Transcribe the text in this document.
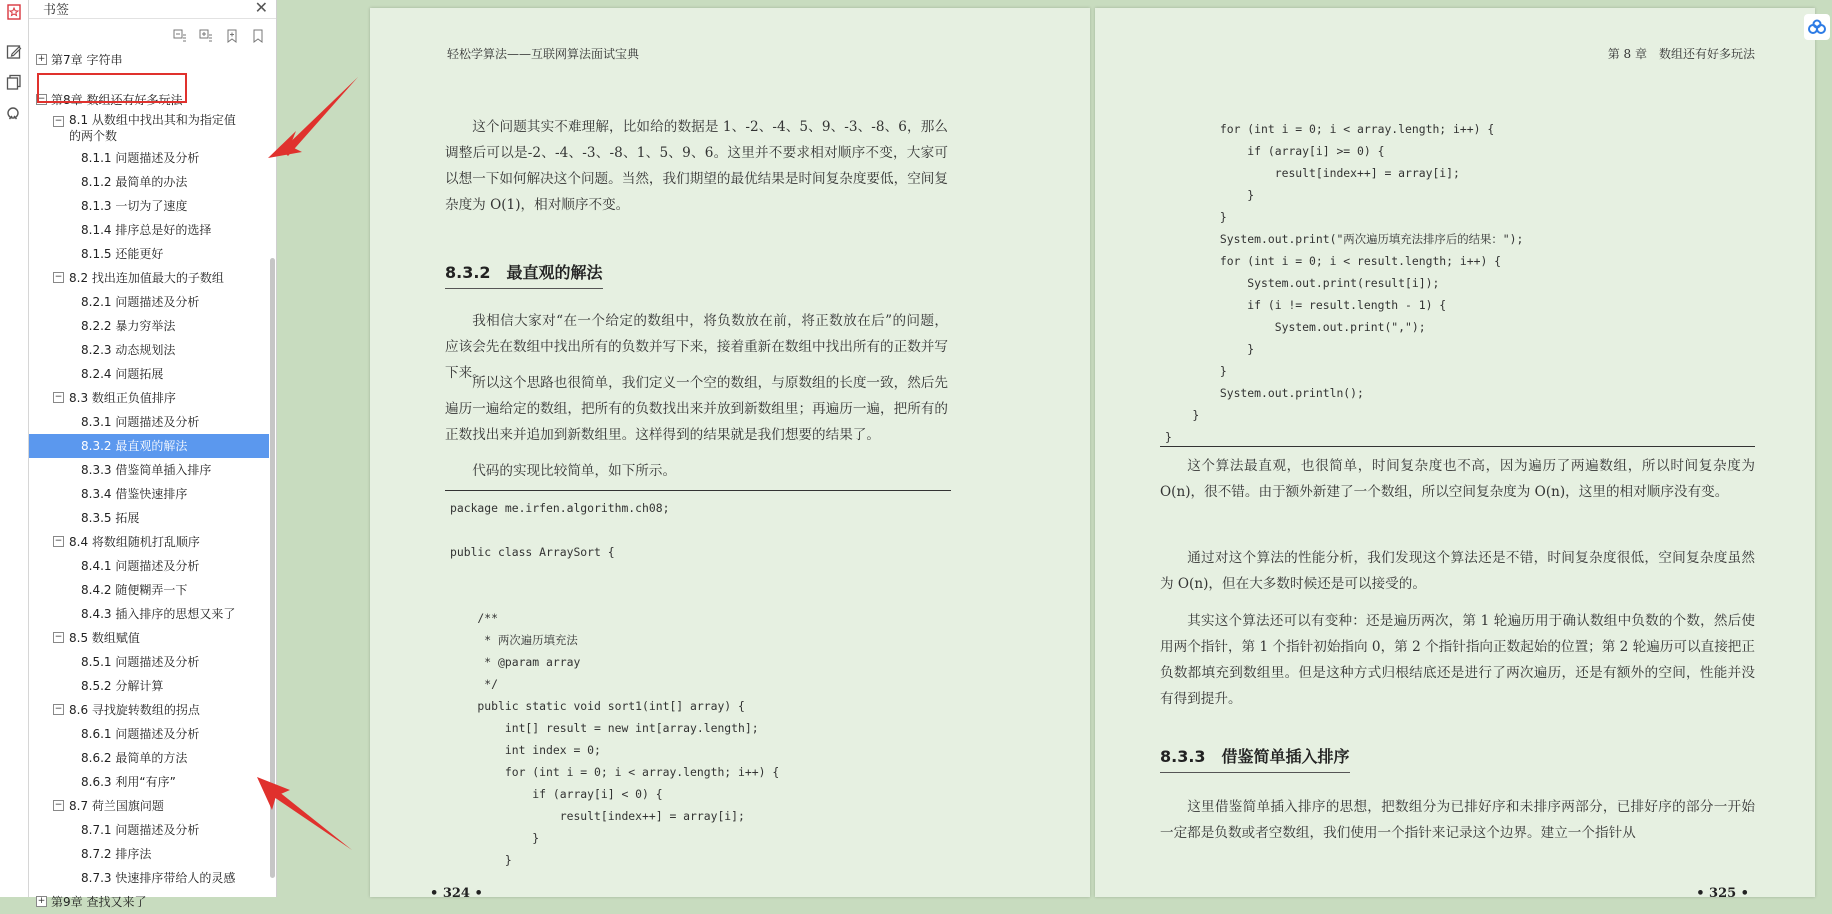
书签	✕
+ 第7章 字符串
− 第8章 数组还有好多玩法
− 8.1 从数组中找出其和为指定值的两个数
8.1.1 问题描述及分析
8.1.2 最简单的办法
8.1.3 一切为了速度
8.1.4 排序总是好的选择
8.1.5 还能更好
− 8.2 找出连加值最大的子数组
8.2.1 问题描述及分析
8.2.2 暴力穷举法
8.2.3 动态规划法
8.2.4 问题拓展
− 8.3 数组正负值排序
8.3.1 问题描述及分析
8.3.2 最直观的解法
8.3.3 借鉴简单插入排序
8.3.4 借鉴快速排序
8.3.5 拓展
− 8.4 将数组随机打乱顺序
8.4.1 问题描述及分析
8.4.2 随便糊弄一下
8.4.3 插入排序的思想又来了
− 8.5 数组赋值
8.5.1 问题描述及分析
8.5.2 分解计算
− 8.6 寻找旋转数组的拐点
8.6.1 问题描述及分析
8.6.2 最简单的方法
8.6.3 利用“有序”
− 8.7 荷兰国旗问题
8.7.1 问题描述及分析
8.7.2 排序法
8.7.3 快速排序带给人的灵感
+ 第9章 查找又来了
轻松学算法——互联网算法面试宝典
这个问题其实不难理解，比如给的数据是 1、-2、-4、5、9、-3、-8、6，那么调整后可以是-2、-4、-3、-8、1、5、9、6。这里并不要求相对顺序不变，大家可以想一下如何解决这个问题。当然，我们期望的最优结果是时间复杂度要低，空间复杂度为 O(1)，相对顺序不变。
8.3.2　最直观的解法
我相信大家对“在一个给定的数组中，将负数放在前，将正数放在后”的问题，应该会先在数组中找出所有的负数并写下来，接着重新在数组中找出所有的正数并写下来。
所以这个思路也很简单，我们定义一个空的数组，与原数组的长度一致，然后先遍历一遍给定的数组，把所有的负数找出来并放到新数组里；再遍历一遍，把所有的正数找出来并追加到新数组里。这样得到的结果就是我们想要的结果了。
代码的实现比较简单，如下所示。
package me.irfen.algorithm.ch08;

public class ArraySort {

/**
* 两次遍历填充法
* @param array
*/
public static void sort1(int[] array) {
int[] result = new int[array.length];
int index = 0;
for (int i = 0; i < array.length; i++) {
if (array[i] < 0) {
result[index++] = array[i];
}
}
• 324 •
第 8 章　数组还有好多玩法
for (int i = 0; i < array.length; i++) {
if (array[i] >= 0) {
result[index++] = array[i];
}
}
System.out.print("两次遍历填充法排序后的结果：");
for (int i = 0; i < result.length; i++) {
System.out.print(result[i]);
if (i != result.length - 1) {
System.out.print(",");
}
}
System.out.println();
}
}
这个算法最直观，也很简单，时间复杂度也不高，因为遍历了两遍数组，所以时间复杂度为 O(n)，很不错。由于额外新建了一个数组，所以空间复杂度为 O(n)，这里的相对顺序没有变。
通过对这个算法的性能分析，我们发现这个算法还是不错，时间复杂度很低，空间复杂度虽然为 O(n)，但在大多数时候还是可以接受的。
其实这个算法还可以有变种：还是遍历两次，第 1 轮遍历用于确认数组中负数的个数，然后使用两个指针，第 1 个指针初始指向 0，第 2 个指针指向正数起始的位置；第 2 轮遍历可以直接把正负数都填充到数组里。但是这种方式归根结底还是进行了两次遍历，还是有额外的空间，性能并没有得到提升。
8.3.3　借鉴简单插入排序
这里借鉴简单插入排序的思想，把数组分为已排好序和未排序两部分，已排好序的部分一开始一定都是负数或者空数组，我们使用一个指针来记录这个边界。建立一个指针从
• 325 •
